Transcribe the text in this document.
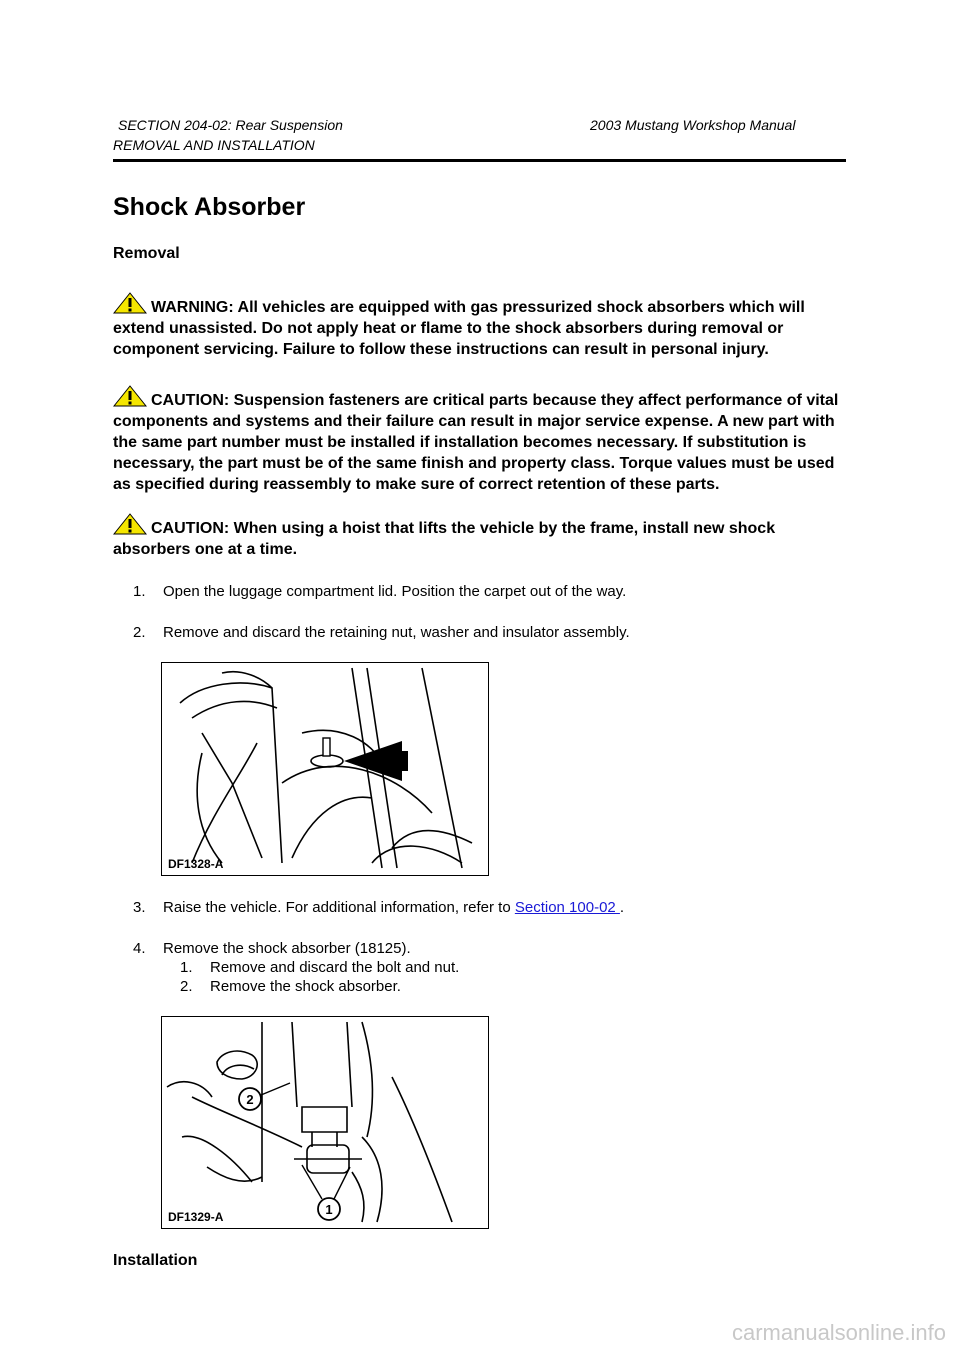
SECTION 204-02: Rear Suspension	2003 Mustang Workshop Manual
REMOVAL AND INSTALLATION
Shock Absorber
Removal

WARNING: All vehicles are equipped with gas pressurized shock absorbers which will extend unassisted. Do not apply heat or flame to the shock absorbers during removal or component servicing. Failure to follow these instructions can result in personal injury.

CAUTION: Suspension fasteners are critical parts because they affect performance of vital components and systems and their failure can result in major service expense. A new part with the same part number must be installed if installation becomes necessary. If substitution is necessary, the part must be of the same finish and property class. Torque values must be used as specified during reassembly to make sure of correct retention of these parts.

CAUTION: When using a hoist that lifts the vehicle by the frame, install new shock absorbers one at a time.

1. Open the luggage compartment lid. Position the carpet out of the way.
2. Remove and discard the retaining nut, washer and insulator assembly.
DF1328-A
3. Raise the vehicle. For additional information, refer to Section 100-02 .
4. Remove the shock absorber (18125).
1. Remove and discard the bolt and nut.
2. Remove the shock absorber.
2
1
DF1329-A
Installation
carmanualsonline.info
